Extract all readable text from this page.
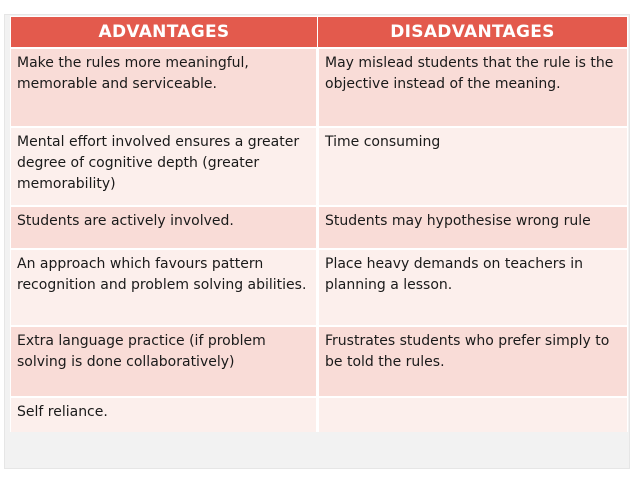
ADVANTAGES	DISADVANTAGES
Make the rules more meaningful, memorable and serviceable.	May mislead students that the rule is the objective instead of the meaning.
Mental effort involved ensures a greater degree of cognitive depth (greater memorability)	Time consuming
Students are actively involved.	Students may hypothesise wrong rule
An approach which favours pattern recognition and problem solving abilities.	Place heavy demands on teachers in planning a lesson.
Extra language practice (if problem solving is done collaboratively)	Frustrates students who prefer simply to be told the rules.
Self reliance.	
